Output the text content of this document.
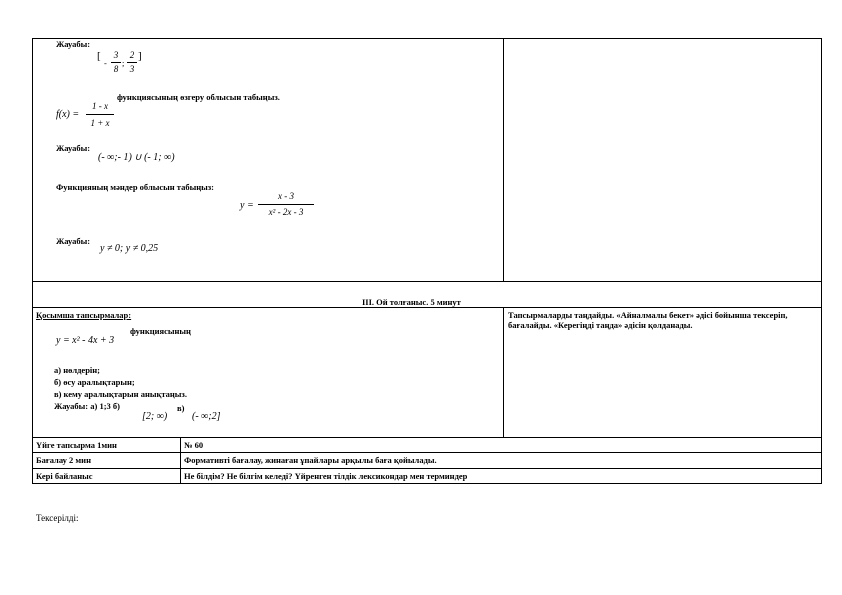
Жауабы:
[
-
3
8
;
2
3
]
f(x) =
1 - x
1 + x
функциясының өзгеру облысын табыңыз.
Жауабы:
(- ∞;- 1) ∪ (- 1; ∞)
Функцияның мәндер облысын табыңыз:
y =
x - 3
x² - 2x - 3
Жауабы:
y ≠ 0; y ≠ 0,25
III. Ой толғаныс. 5 минут
Қосымша тапсырмалар:
функциясының
y = x² - 4x + 3
а) нөлдерін;
б) өсу аралықтарын;
в) кему аралықтарын анықтаңыз.
Жауабы: а) 1;3 б)
[2; ∞)
в)
(- ∞;2]
Тапсырмаларды таңдайды. «Айналмалы бекет» әдісі бойынша тексеріп, бағалайды. «Керегіңді таңда» әдісін қолданады.
Үйге тапсырма 1мин	№ 60
Бағалау 2 мин	Формативті бағалау, жинаған ұпайлары арқылы баға қойылады.
Кері байланыс	Не білдім? Не білгім келеді? Үйренген тілдік лексикондар мен терминдер
Тексерілді:
